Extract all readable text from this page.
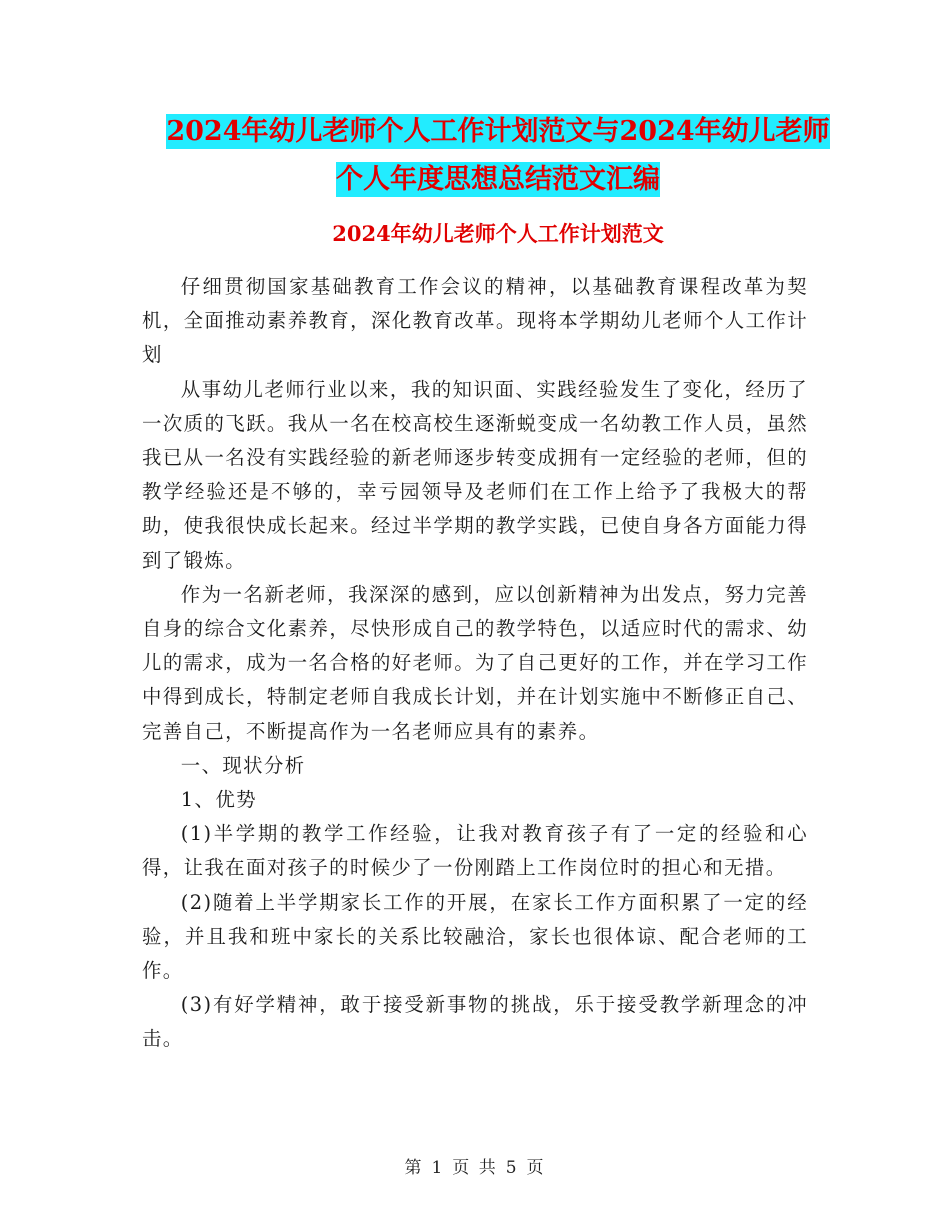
2024年幼儿老师个人工作计划范文与2024年幼儿老师
个人年度思想总结范文汇编
2024年幼儿老师个人工作计划范文

仔细贯彻国家基础教育工作会议的精神，以基础教育课程改革为契机，全面推动素养教育，深化教育改革。现将本学期幼儿老师个人工作计划

从事幼儿老师行业以来，我的知识面、实践经验发生了变化，经历了一次质的飞跃。我从一名在校高校生逐渐蜕变成一名幼教工作人员，虽然我已从一名没有实践经验的新老师逐步转变成拥有一定经验的老师，但的教学经验还是不够的，幸亏园领导及老师们在工作上给予了我极大的帮助，使我很快成长起来。经过半学期的教学实践，已使自身各方面能力得到了锻炼。

作为一名新老师，我深深的感到，应以创新精神为出发点，努力完善自身的综合文化素养，尽快形成自己的教学特色，以适应时代的需求、幼儿的需求，成为一名合格的好老师。为了自己更好的工作，并在学习工作中得到成长，特制定老师自我成长计划，并在计划实施中不断修正自己、完善自己，不断提高作为一名老师应具有的素养。

一、现状分析

1、优势

(1)半学期的教学工作经验，让我对教育孩子有了一定的经验和心得，让我在面对孩子的时候少了一份刚踏上工作岗位时的担心和无措。

(2)随着上半学期家长工作的开展，在家长工作方面积累了一定的经验，并且我和班中家长的关系比较融洽，家长也很体谅、配合老师的工作。

(3)有好学精神，敢于接受新事物的挑战，乐于接受教学新理念的冲击。

第 1 页 共 5 页
